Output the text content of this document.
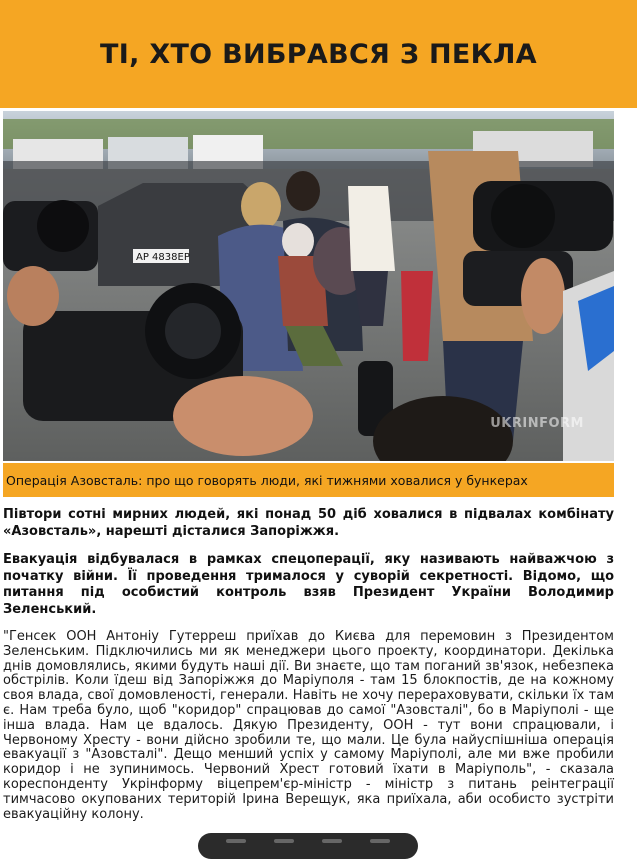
ТІ, ХТО ВИБРАВСЯ З ПЕКЛА
AP 4838EP
UKRINFORM
Операція Азовсталь: про що говорять люди, які тижнями ховалися у бункерах

Півтори сотні мирних людей, які понад 50 діб ховалися в підвалах комбінату «Азовсталь», нарешті дісталися Запоріжжя.

Евакуація відбувалася в рамках спецоперації, яку називають найважчою з початку війни. Її проведення трималося у суворій секретності. Відомо, що питання під особистий контроль взяв Президент України Володимир Зеленський.

"Генсек ООН Антоніу Гутерреш приїхав до Києва для перемовин з Президентом Зеленським. Підключились ми як менеджери цього проекту, координатори. Декілька днів домовлялись, якими будуть наші дії. Ви знаєте, що там поганий зв'язок, небезпека обстрілів. Коли їдеш від Запоріжжя до Маріуполя - там 15 блокпостів, де на кожному своя влада, свої домовленості, генерали. Навіть не хочу перераховувати, скільки їх там є. Нам треба було, щоб "коридор" спрацював до самої "Азовсталі", бо в Маріуполі - ще інша влада. Нам це вдалось. Дякую Президенту, ООН - тут вони спрацювали, і Червоному Хресту - вони дійсно зробили те, що мали. Це була найуспішніша операція евакуації з "Азовсталі". Дещо менший успіх у самому Маріуполі, але ми вже пробили коридор і не зупинимось. Червоний Хрест готовий їхати в Маріуполь", - сказала кореспонденту Укрінформу віцепрем'єр-міністр - міністр з питань реінтеграції тимчасово окупованих територій Ірина Верещук, яка приїхала, аби особисто зустріти евакуаційну колону.
